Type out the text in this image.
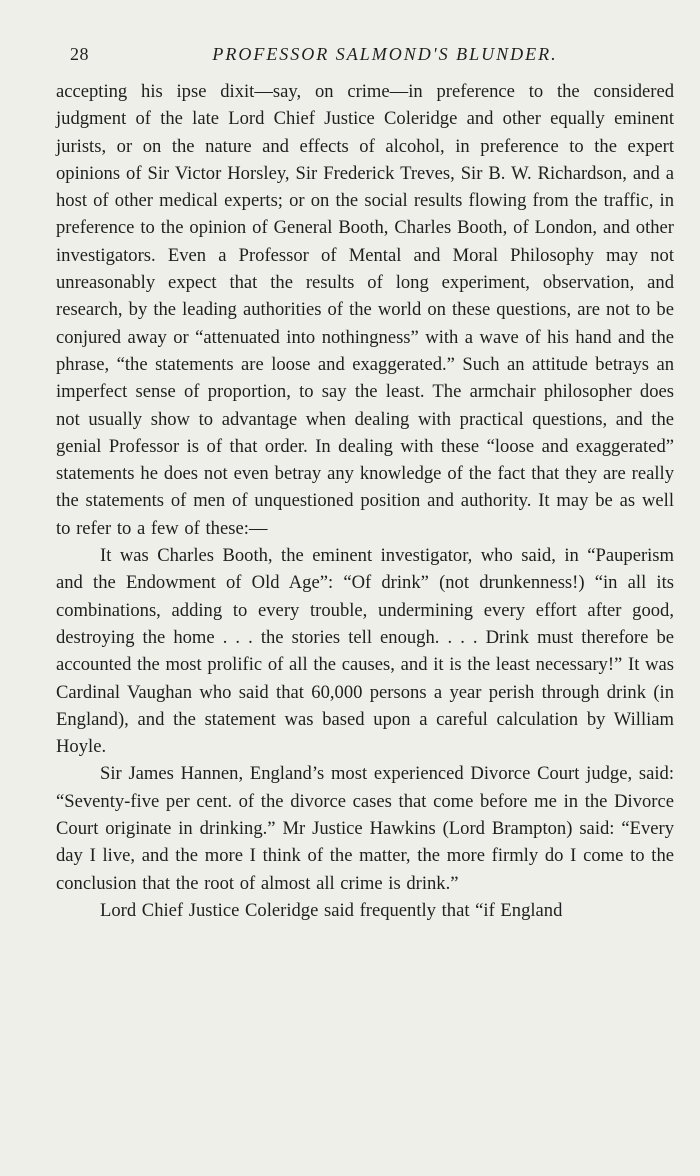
28	PROFESSOR SALMOND'S BLUNDER.

accepting his ipse dixit—say, on crime—in preference to the considered judgment of the late Lord Chief Justice Coleridge and other equally eminent jurists, or on the nature and effects of alcohol, in preference to the expert opinions of Sir Victor Horsley, Sir Frederick Treves, Sir B. W. Richardson, and a host of other medical experts; or on the social results flowing from the traffic, in preference to the opinion of General Booth, Charles Booth, of London, and other investigators. Even a Professor of Mental and Moral Philosophy may not unreasonably expect that the results of long experiment, observation, and research, by the leading authorities of the world on these questions, are not to be conjured away or “attenuated into nothingness” with a wave of his hand and the phrase, “the statements are loose and exaggerated.” Such an attitude betrays an imperfect sense of proportion, to say the least. The armchair philosopher does not usually show to advantage when dealing with practical questions, and the genial Professor is of that order. In dealing with these “loose and exaggerated” statements he does not even betray any knowledge of the fact that they are really the statements of men of unquestioned position and authority. It may be as well to refer to a few of these:—

It was Charles Booth, the eminent investigator, who said, in “Pauperism and the Endowment of Old Age”: “Of drink” (not drunkenness!) “in all its combinations, adding to every trouble, undermining every effort after good, destroying the home . . . the stories tell enough. . . . Drink must therefore be accounted the most prolific of all the causes, and it is the least necessary!” It was Cardinal Vaughan who said that 60,000 persons a year perish through drink (in England), and the statement was based upon a careful calculation by William Hoyle.

Sir James Hannen, England’s most experienced Divorce Court judge, said: “Seventy-five per cent. of the divorce cases that come before me in the Divorce Court originate in drinking.” Mr Justice Hawkins (Lord Brampton) said: “Every day I live, and the more I think of the matter, the more firmly do I come to the conclusion that the root of almost all crime is drink.”

Lord Chief Justice Coleridge said frequently that “if England
